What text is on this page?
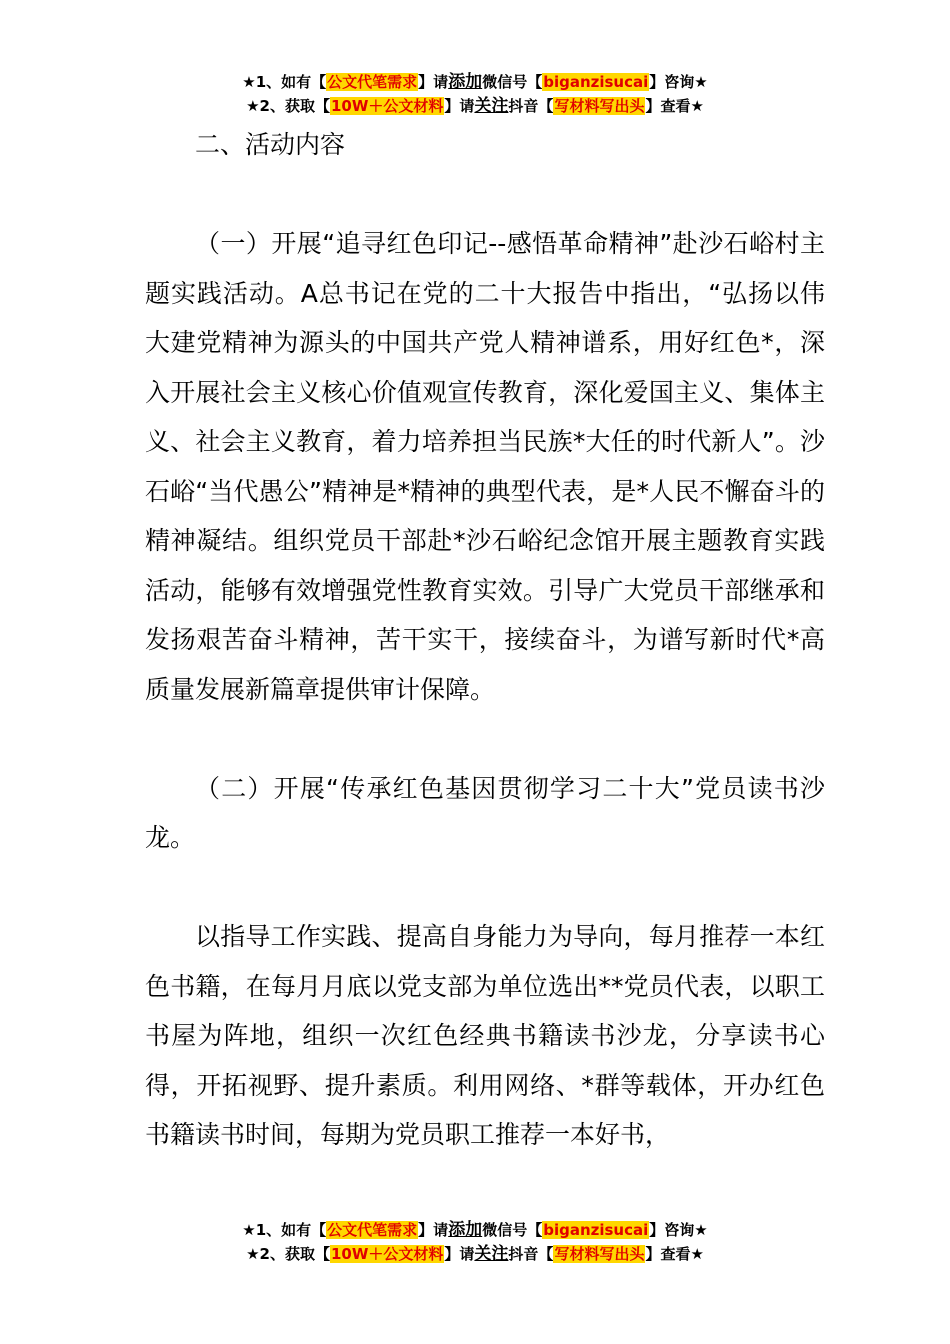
★1、如有【公文代笔需求】请添加微信号【biganzisucai】咨询★
★2、获取【10W＋公文材料】请关注抖音【写材料写出头】查看★

二、活动内容

（一）开展“追寻红色印记--感悟革命精神”赴沙石峪村主题实践活动。A总书记在党的二十大报告中指出，“弘扬以伟大建党精神为源头的中国共产党人精神谱系，用好红色*，深入开展社会主义核心价值观宣传教育，深化爱国主义、集体主义、社会主义教育，着力培养担当民族*大任的时代新人”。沙石峪“当代愚公”精神是*精神的典型代表，是*人民不懈奋斗的精神凝结。组织党员干部赴*沙石峪纪念馆开展主题教育实践活动，能够有效增强党性教育实效。引导广大党员干部继承和发扬艰苦奋斗精神，苦干实干，接续奋斗，为谱写新时代*高质量发展新篇章提供审计保障。

（二）开展“传承红色基因贯彻学习二十大”党员读书沙龙。

以指导工作实践、提高自身能力为导向，每月推荐一本红色书籍，在每月月底以党支部为单位选出**党员代表，以职工书屋为阵地，组织一次红色经典书籍读书沙龙，分享读书心得，开拓视野、提升素质。利用网络、*群等载体，开办红色书籍读书时间，每期为党员职工推荐一本好书，

★1、如有【公文代笔需求】请添加微信号【biganzisucai】咨询★
★2、获取【10W＋公文材料】请关注抖音【写材料写出头】查看★
